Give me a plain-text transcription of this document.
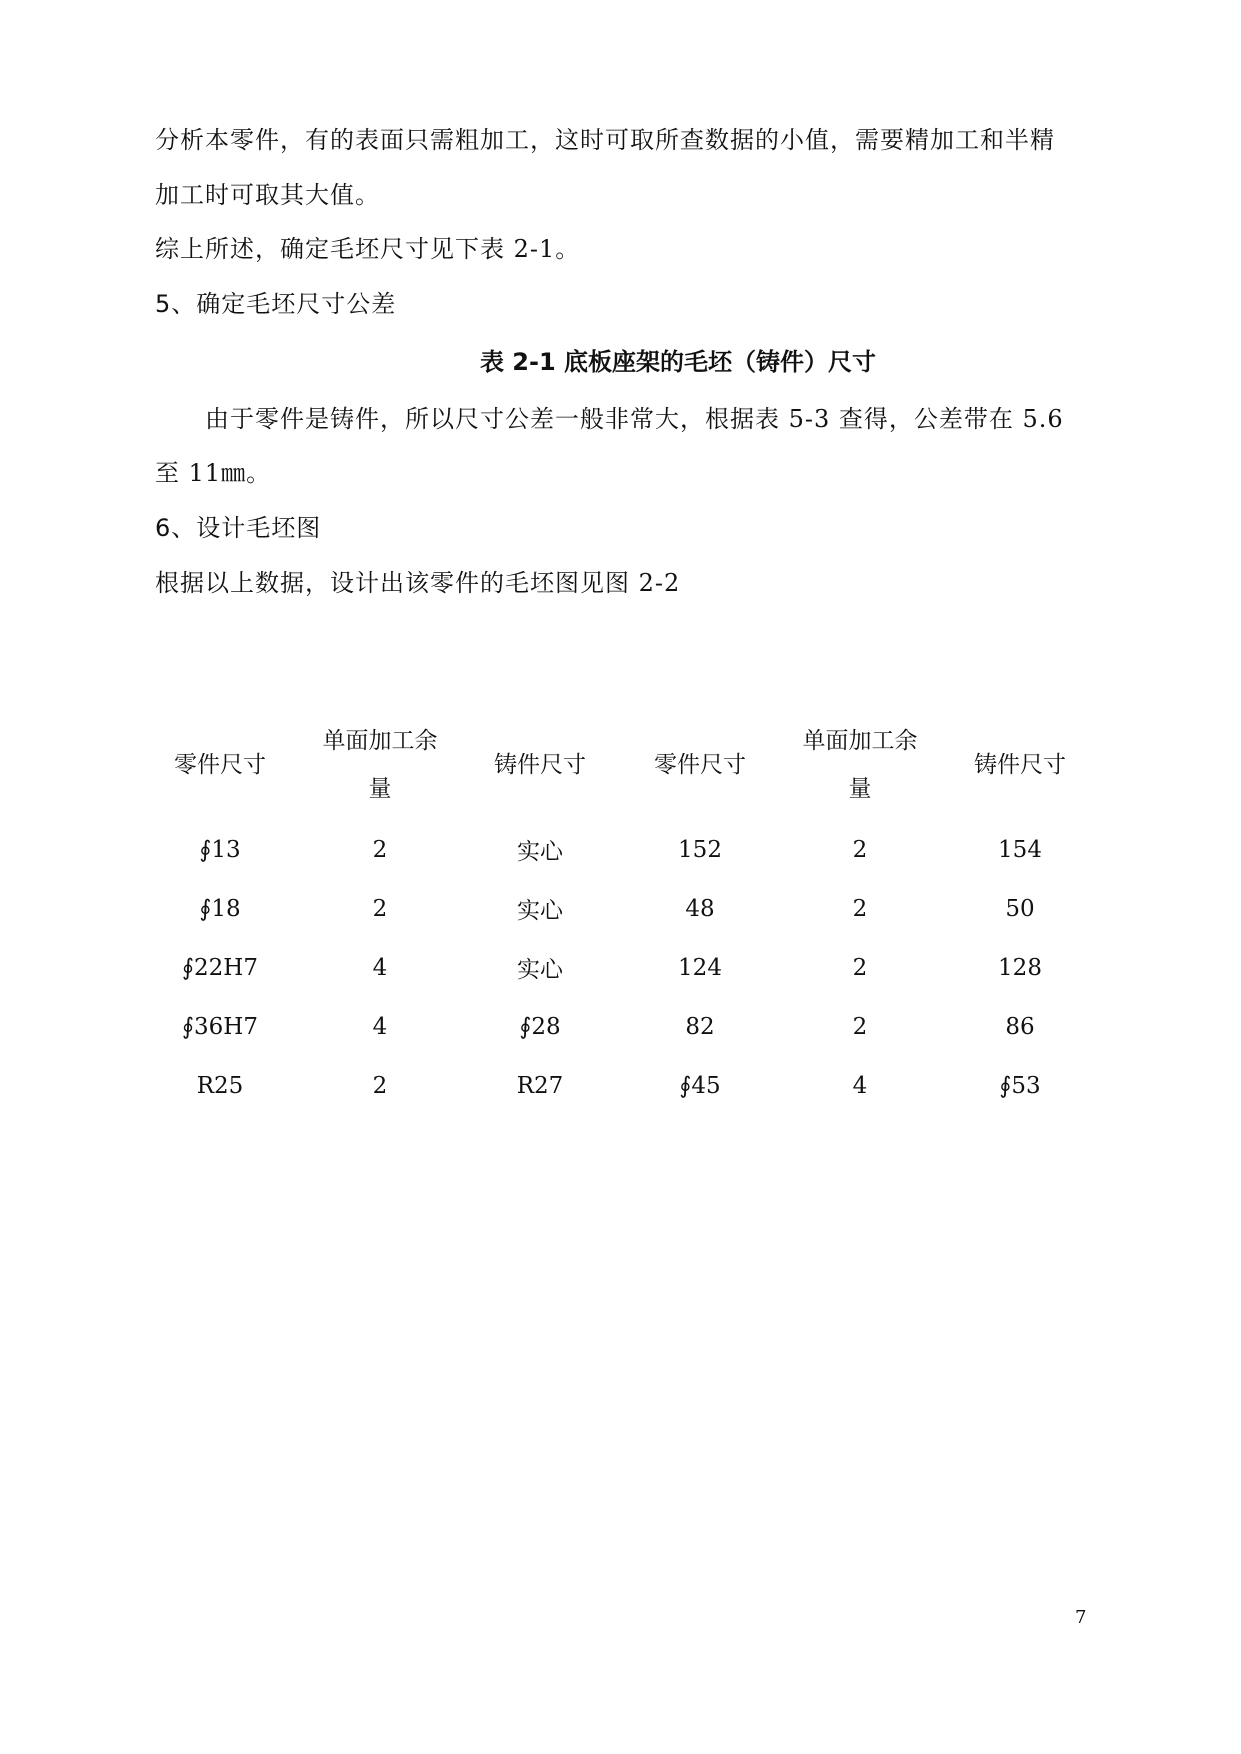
分析本零件，有的表面只需粗加工，这时可取所查数据的小值，需要精加工和半精
加工时可取其大值。
综上所述，确定毛坯尺寸见下表 2-1。
5、确定毛坯尺寸公差
表 2-1 底板座架的毛坯（铸件）尺寸
由于零件是铸件，所以尺寸公差一般非常大，根据表 5-3 查得，公差带在 5.6
至 11㎜。
6、设计毛坯图
根据以上数据，设计出该零件的毛坯图见图 2-2
零件尺寸	单面加工余量	铸件尺寸	零件尺寸	单面加工余量	铸件尺寸
∮13	2	实心	152	2	154
∮18	2	实心	48	2	50
∮22H7	4	实心	124	2	128
∮36H7	4	∮28	82	2	86
R25	2	R27	∮45	4	∮53
7
